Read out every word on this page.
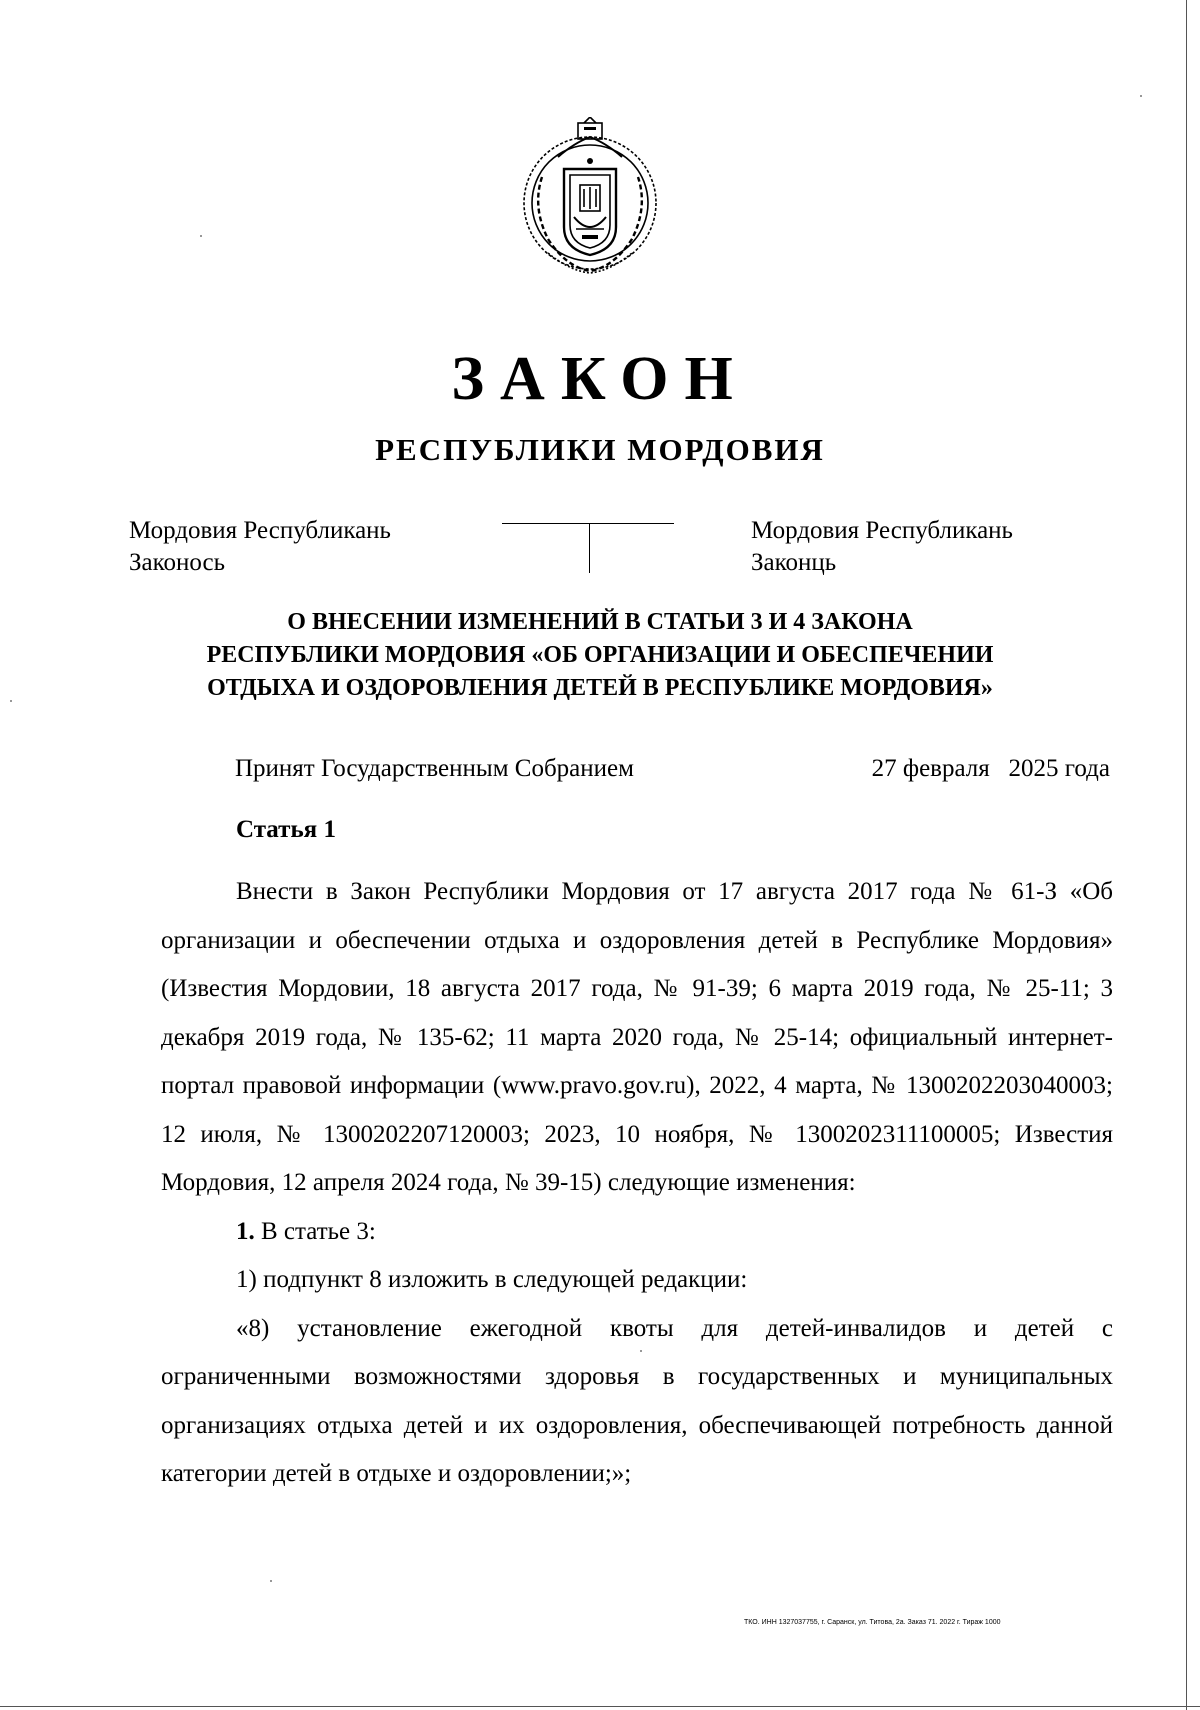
ЗАКОН
РЕСПУБЛИКИ МОРДОВИЯ
Мордовия Республикань
Законось
Мордовия Республикань
Законць
О ВНЕСЕНИИ ИЗМЕНЕНИЙ В СТАТЬИ 3 И 4 ЗАКОНА
РЕСПУБЛИКИ МОРДОВИЯ «ОБ ОРГАНИЗАЦИИ И ОБЕСПЕЧЕНИИ
ОТДЫХА И ОЗДОРОВЛЕНИЯ ДЕТЕЙ В РЕСПУБЛИКЕ МОРДОВИЯ»
Принят Государственным Собранием	27 февраля   2025 года
Статья 1

Внести в Закон Республики Мордовия от 17 августа 2017 года № 61-З «Об организации и обеспечении отдыха и оздоровления детей в Республике Мордовия» (Известия Мордовии, 18 августа 2017 года, № 91-39; 6 марта 2019 года, № 25-11; 3 декабря 2019 года, № 135-62; 11 марта 2020 года, № 25-14; официальный интернет-портал правовой информации (www.pravo.gov.ru), 2022, 4 марта, № 1300202203040003; 12 июля, № 1300202207120003; 2023, 10 ноября, № 1300202311100005; Известия Мордовия, 12 апреля 2024 года, № 39-15) следующие изменения:

1. В статье 3:

1) подпункт 8 изложить в следующей редакции:

«8) установление ежегодной квоты для детей-инвалидов и детей с ограниченными возможностями здоровья в государственных и муниципальных организациях отдыха детей и их оздоровления, обеспечивающей потребность данной категории детей в отдыхе и оздоровлении;»;

ТКО. ИНН 1327037755, г. Саранск, ул. Титова, 2а. Заказ 71. 2022 г. Тираж 1000
